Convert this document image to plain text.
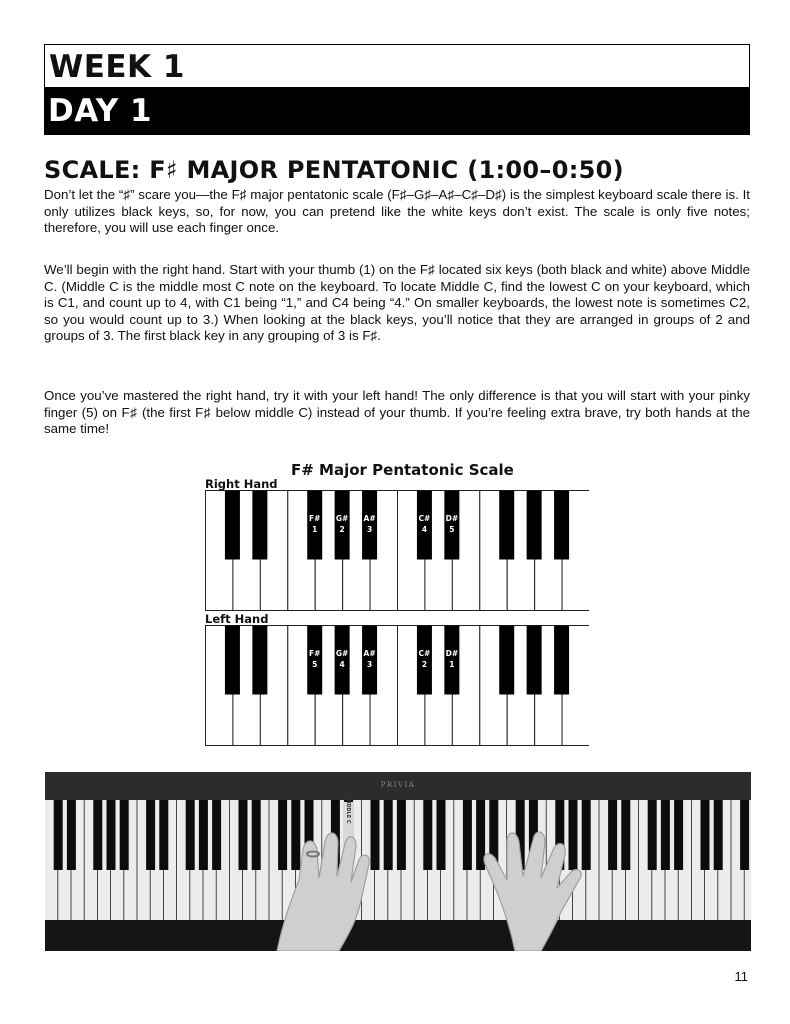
WEEK 1
DAY 1
SCALE: F♯ MAJOR PENTATONIC (1:00–0:50)

Don’t let the “♯” scare you—the F♯ major pentatonic scale (F♯–G♯–A♯–C♯–D♯) is the simplest keyboard scale there is. It only utilizes black keys, so, for now, you can pretend like the white keys don’t exist. The scale is only five notes; therefore, you will use each finger once.

We’ll begin with the right hand. Start with your thumb (1) on the F♯ located six keys (both black and white) above Middle C. (Middle C is the middle most C note on the keyboard. To locate Middle C, find the lowest C on your keyboard, which is C1, and count up to 4, with C1 being “1,” and C4 being “4.” On smaller keyboards, the lowest note is sometimes C2, so you would count up to 3.) When looking at the black keys, you’ll notice that they are arranged in groups of 2 and groups of 3. The first black key in any grouping of 3 is F♯.

Once you’ve mastered the right hand, try it with your left hand! The only difference is that you will start with your pinky finger (5) on F♯ (the first F♯ below middle C) instead of your thumb. If you’re feeling extra brave, try both hands at the same time!

F# Major Pentatonic Scale
Right Hand
F#
1
G#
2
A#
3
C#
4
D#
5
Left Hand
F#
5
G#
4
A#
3
C#
2
D#
1
PRIVIA
MIDDLE C
11
